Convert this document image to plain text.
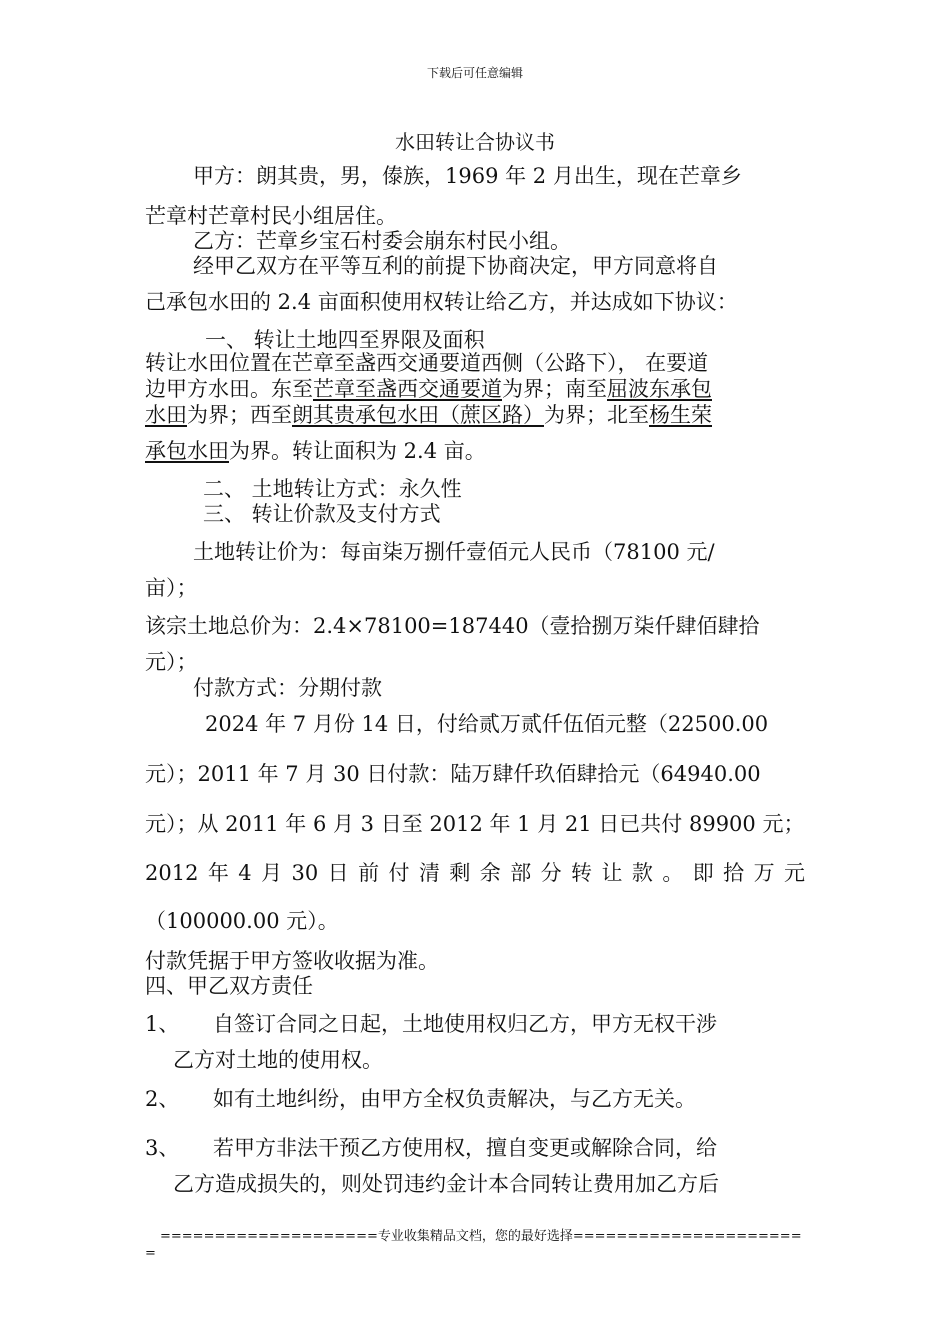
下载后可任意编辑
水田转让合协议书
甲方：朗其贵，男，傣族，1969 年 2 月出生，现在芒章乡
芒章村芒章村民小组居住。
乙方：芒章乡宝石村委会崩东村民小组。
经甲乙双方在平等互利的前提下协商决定，甲方同意将自
己承包水田的 2.4 亩面积使用权转让给乙方，并达成如下协议：
一、 转让土地四至界限及面积
转让水田位置在芒章至盏西交通要道西侧（公路下）， 在要道
边甲方水田。东至芒章至盏西交通要道为界；南至屈波东承包
水田为界；西至朗其贵承包水田（蔗区路）为界；北至杨生荣
承包水田为界。转让面积为 2.4 亩。
二、 土地转让方式：永久性
三、 转让价款及支付方式
土地转让价为：每亩柒万捌仟壹佰元人民币（78100 元/
亩）；
该宗土地总价为：2.4×78100=187440（壹拾捌万柒仟肆佰肆拾
元）；
付款方式：分期付款
2024 年 7 月份 14 日，付给贰万贰仟伍佰元整（22500.00
元）；2011 年 7 月 30 日付款：陆万肆仟玖佰肆拾元（64940.00
元）；从 2011 年 6 月 3 日至 2012 年 1 月 21 日已共付 89900 元；
2012 年 4 月 30 日 前 付 清 剩 余 部 分 转 让 款 。 即 拾 万 元
（100000.00 元）。
付款凭据于甲方签收收据为准。
四、甲乙双方责任
1、 自签订合同之日起，土地使用权归乙方，甲方无权干涉
乙方对土地的使用权。
2、 如有土地纠纷，由甲方全权负责解决，与乙方无关。
3、 若甲方非法干预乙方使用权，擅自变更或解除合同，给
乙方造成损失的，则处罚违约金计本合同转让费用加乙方后
====================专业收集精品文档，您的最好选择=====================
=
